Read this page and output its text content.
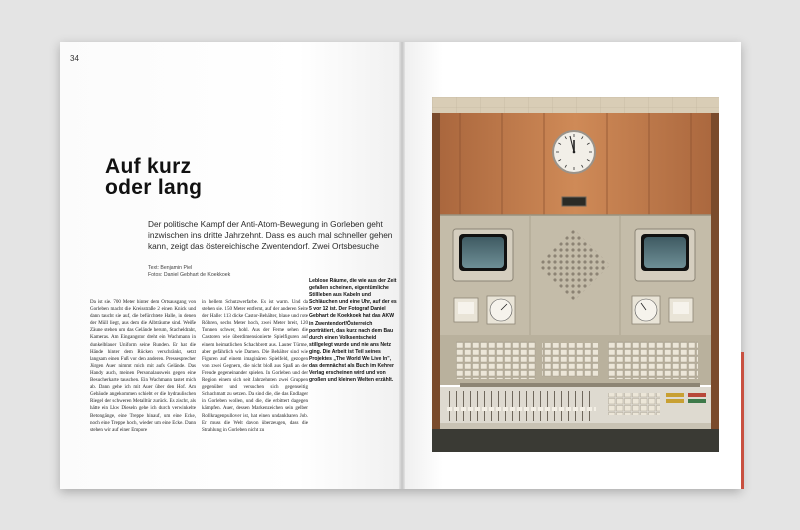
34
Auf kurz
oder lang

Der politische Kampf der Anti-Atom-Bewegung in Gorleben geht inzwischen ins dritte Jahrzehnt. Dass es auch mal schneller gehen kann, zeigt das östereichische Zwentendorf. Zwei Ortsbesuche

Text: Benjamin Piel
Fotos: Daniel Gebhart de Koekkoek

Da ist sie. 700 Meter hinter dem Ortsausgang von Gorleben macht die Kreisstraße 2 einen Knick und dann taucht sie auf, die befürchtete Halle, in denen der Müll liegt, aus dem die Albträume sind. Weiße Zäune stehen um das Gelände herum, Stacheldraht, Kameras. Am Eingangstor dreht ein Wachmann in dunkelblauer Uniform seine Runden. Er hat die Hände hinter dem Rücken verschränkt, setzt langsam einen Fuß vor den anderen. Pressesprecher Jürgen Auer nimmt mich mit aufs Gelände. Das Handy auch, meinen Personalausweis gegen eine Besucherkarte tauschen. Ein Wachmann tastet mich ab. Dann gehe ich mit Auer über den Hof. Am Gebäude angekommen schiebt er die hydraulischen Riegel der schweren Metalltür zurück. Es zischt, als hätte ein Lkw Dieseln gehe ich durch verwinkelte Betongänge, eine Treppe hinauf, um eine Ecke, noch eine Treppe hoch, wieder um eine Ecke. Dann stehen wir auf einer Empore

in hellem Schutzwerfarbe. Es ist warm. Und da stehen sie. 150 Meter entfernt, auf der anderen Seite der Halle: 113 dicke Castor-Behälter, blaue und rote Röhren, sechs Meter hoch, zwei Meter breit, 120 Tonnen schwer, hohl. Aus der Ferne sehen die Castoren wie überdimensionierte Spielfiguren auf einem heimatlichen Schachbrett aus. Lauter Türme, aber gefährlich wie Damen. Die Behälter sind wie Figuren auf einem imaginären Spielfeld, gezogen von zwei Gegnern, die nicht bloß aus Spaß an der Freude gegeneinander spielen. In Gorleben und der Region einem sich seit Jahrzehnten zwei Gruppen gegenüber und versuchen sich gegenseitig Schachmatt zu setzen. Da sind die, die das Endlager in Gorleben wollen, und die, die erbittert dagegen kämpfen. Auer, dessen Markenzeichen sein gelber Rollkragenpullover ist, hat einen undankbaren Job. Er muss die Welt davon überzeugen, dass die Strahlung in Gorleben nicht zu

Leblose Räume, die wie aus der Zeit gefallen scheinen, eigentümliche Stillleben aus Kabeln und Schläuchen und eine Uhr, auf der es 5 vor 12 ist. Der Fotograf Daniel Gebhart de Koekkoek hat das AKW in Zwentendorf/Österreich porträtiert, das kurz nach dem Bau durch einen Volksentscheid stillgelegt wurde und nie ans Netz ging. Die Arbeit ist Teil seines Projektes „The World We Live In", das demnächst als Buch im Kehrer Verlag erscheinen wird und von großen und kleinen Welten erzählt.
